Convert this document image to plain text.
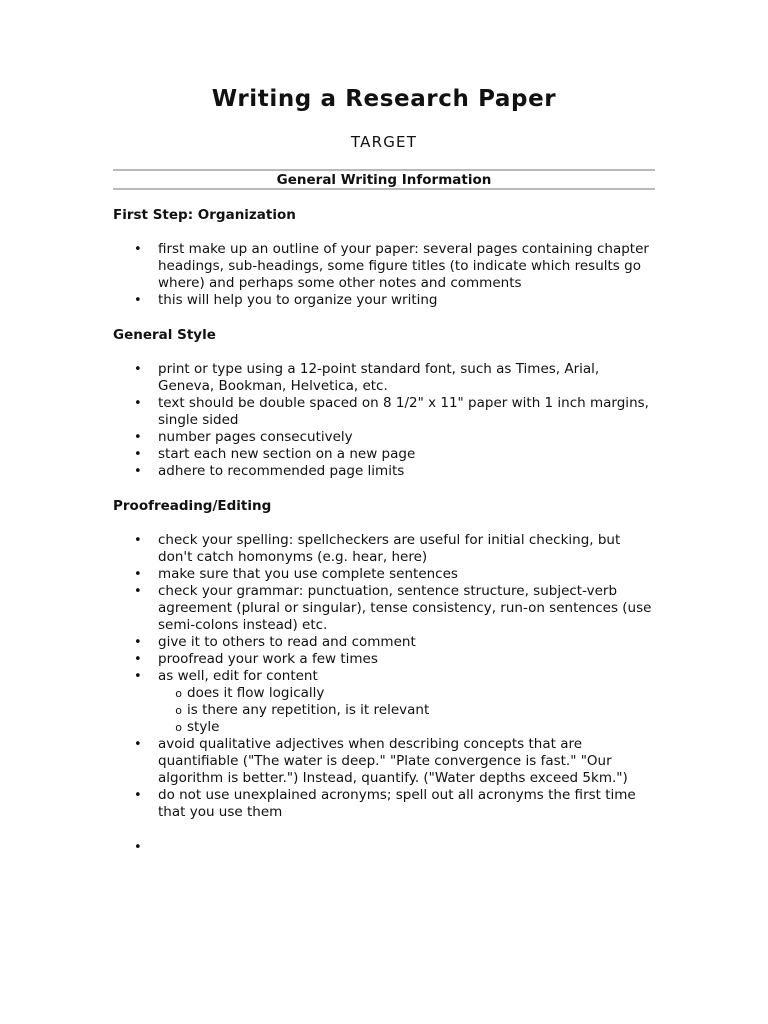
Writing a Research Paper
TARGET
General Writing Information
First Step: Organization
• first make up an outline of your paper: several pages containing chapter headings, sub-headings, some figure titles (to indicate which results go where) and perhaps some other notes and comments
• this will help you to organize your writing
General Style
• print or type using a 12-point standard font, such as Times, Arial, Geneva, Bookman, Helvetica, etc.
• text should be double spaced on 8 1/2" x 11" paper with 1 inch margins, single sided
• number pages consecutively
• start each new section on a new page
• adhere to recommended page limits
Proofreading/Editing
• check your spelling: spellcheckers are useful for initial checking, but don't catch homonyms (e.g. hear, here)
• make sure that you use complete sentences
• check your grammar: punctuation, sentence structure, subject-verb agreement (plural or singular), tense consistency, run-on sentences (use semi-colons instead) etc.
• give it to others to read and comment
• proofread your work a few times
• as well, edit for content
o does it flow logically
o is there any repetition, is it relevant
o style
• avoid qualitative adjectives when describing concepts that are quantifiable ("The water is deep." "Plate convergence is fast." "Our algorithm is better.") Instead, quantify. ("Water depths exceed 5km.")
• do not use unexplained acronyms; spell out all acronyms the first time that you use them
•
